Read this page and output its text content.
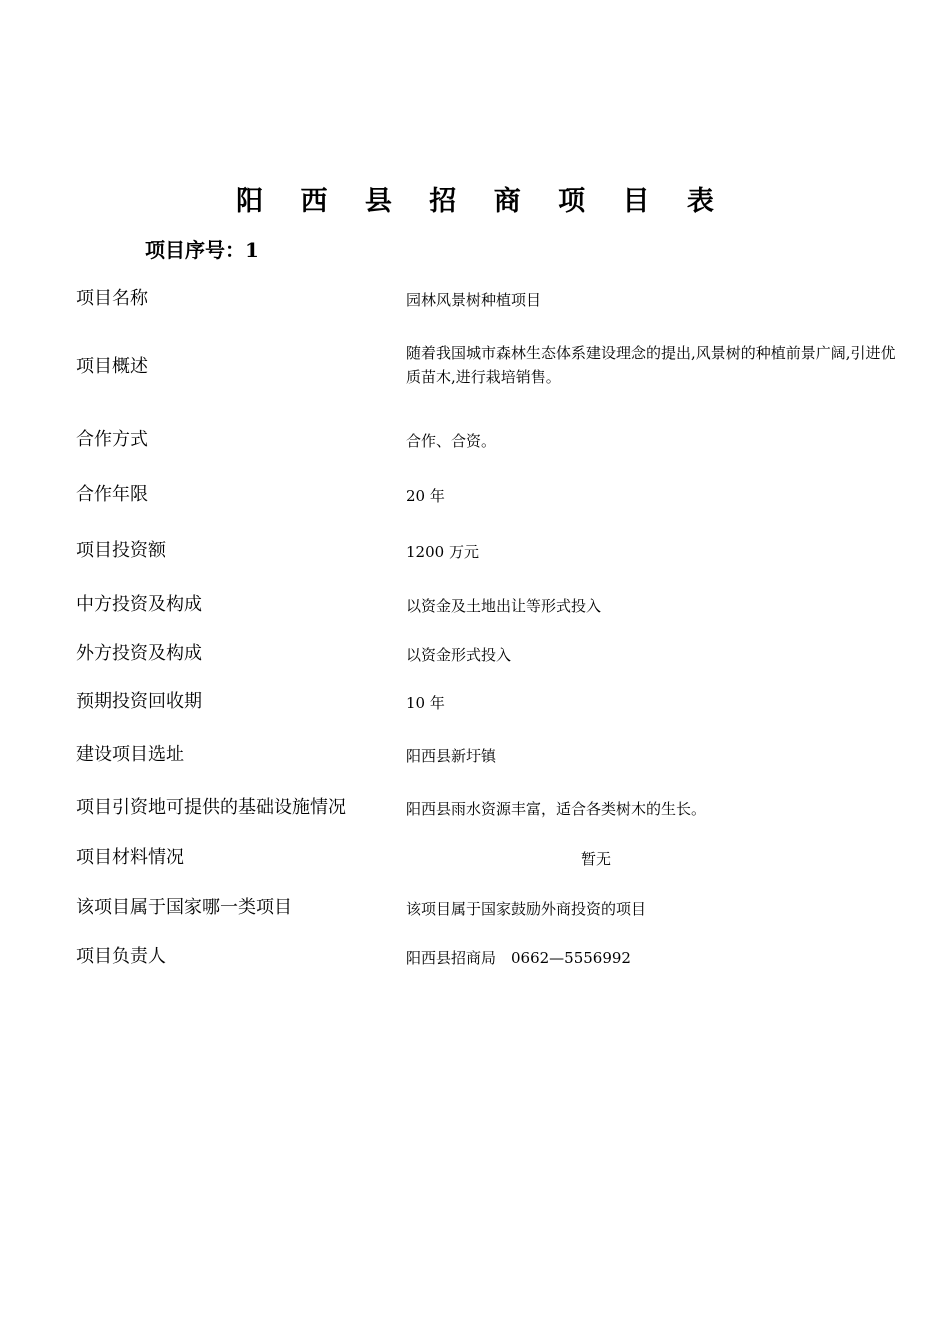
阳 西 县 招 商 项 目 表
项目序号：1
项目名称	园林风景树种植项目
项目概述
随着我国城市森林生态体系建设理念的提出,风景树的种植前景广阔,引进优质苗木,进行栽培销售。
合作方式	合作、合资。
合作年限	20 年
项目投资额	1200 万元
中方投资及构成	以资金及土地出让等形式投入
外方投资及构成	以资金形式投入
预期投资回收期	10 年
建设项目选址	阳西县新圩镇
项目引资地可提供的基础设施情况	阳西县雨水资源丰富，适合各类树木的生长。
项目材料情况	暂无
该项目属于国家哪一类项目	该项目属于国家鼓励外商投资的项目
项目负责人	阳西县招商局　0662—5556992
